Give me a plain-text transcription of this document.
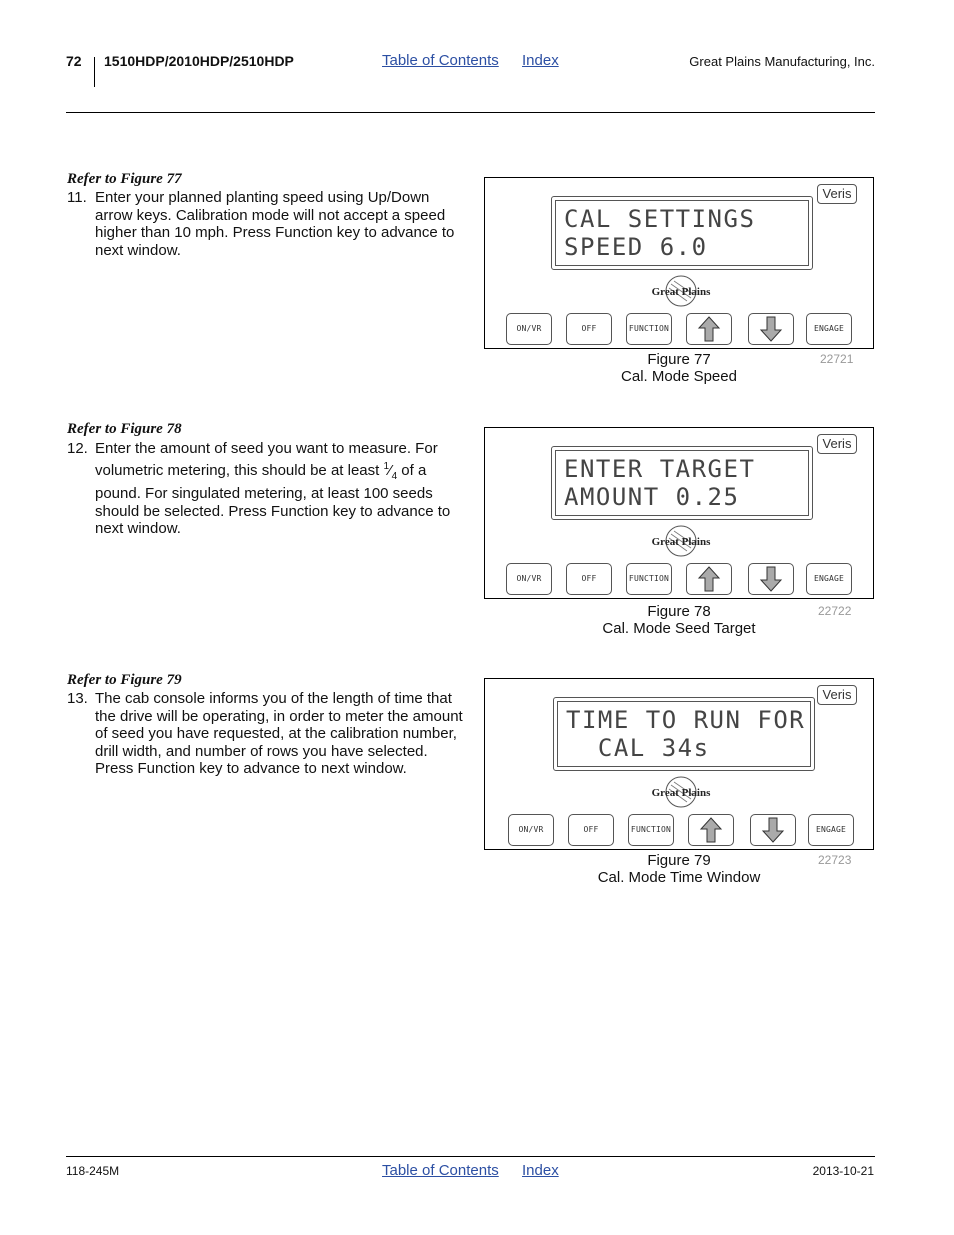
72 1510HDP/2010HDP/2510HDP	Table of Contents Index	Great Plains Manufacturing, Inc.
Refer to Figure 77
11. Enter your planned planting speed using Up/Down arrow keys. Calibration mode will not accept a speed higher than 10 mph. Press Function key to advance to next window.
Veris
CAL SETTINGS
SPEED 6.0
Great Plains
ON/VR	OFF	FUNCTION	ENGAGE
Figure 77
Cal. Mode Speed
22721
Refer to Figure 78
12. Enter the amount of seed you want to measure. For volumetric metering, this should be at least $^1⁄_4$ of a pound. For singulated metering, at least 100 seeds should be selected. Press Function key to advance to next window.
Veris
ENTER TARGET
AMOUNT 0.25
Great Plains
ON/VR	OFF	FUNCTION	ENGAGE
Figure 78
Cal. Mode Seed Target
22722
Refer to Figure 79
13. The cab console informs you of the length of time that the drive will be operating, in order to meter the amount of seed you have requested, at the calibration number, drill width, and number of rows you have selected. Press Function key to advance to next window.
Veris
TIME TO RUN FOR
CAL 34s
Great Plains
ON/VR	OFF	FUNCTION	ENGAGE
Figure 79
Cal. Mode Time Window
22723
118-245M	Table of Contents Index	2013-10-21
